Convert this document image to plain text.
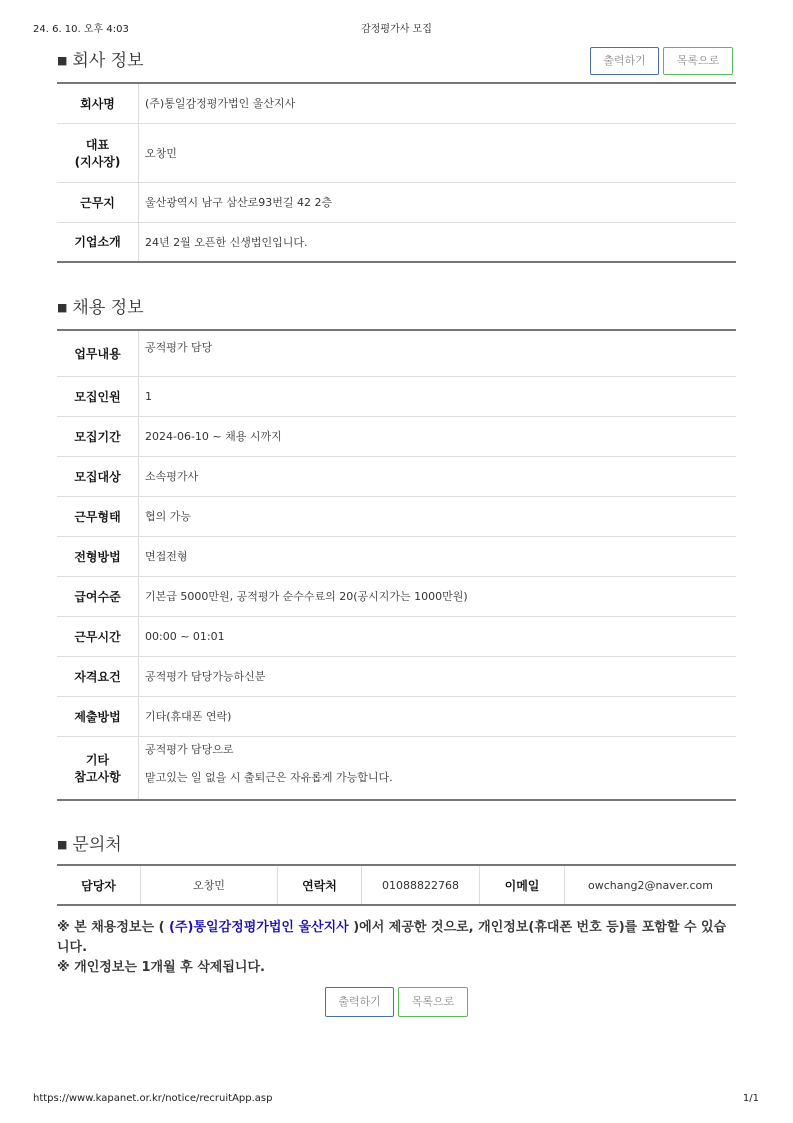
감정평가사 모집
24. 6. 10. 오후 4:03
■ 회사 정보	출력하기	목록으로
회사명	(주)통일감정평가법인 울산지사
대표
(지사장)	오창민
근무지	울산광역시 남구 삼산로93번길 42 2층
기업소개	24년 2월 오픈한 신생법인입니다.
■ 채용 정보
업무내용	공적평가 담당
모집인원	1
모집기간	2024-06-10 ~ 채용 시까지
모집대상	소속평가사
근무형태	협의 가능
전형방법	면접전형
급여수준	기본급 5000만원, 공적평가 순수수료의 20(공시지가는 1000만원)
근무시간	00:00 ~ 01:01
자격요건	공적평가 담당가능하신분
제출방법	기타(휴대폰 연락)
기타
참고사항	공적평가 담당으로

맡고있는 일 없을 시 출퇴근은 자유롭게 가능합니다.
■ 문의처
담당자	오창민	연락처	01088822768	이메일	owchang2@naver.com
※ 본 채용정보는 ( (주)통일감정평가법인 울산지사 )에서 제공한 것으로, 개인정보(휴대폰 번호 등)를 포함할 수 있습니다.
※ 개인정보는 1개월 후 삭제됩니다.
출력하기	목록으로
https://www.kapanet.or.kr/notice/recruitApp.asp	1/1
